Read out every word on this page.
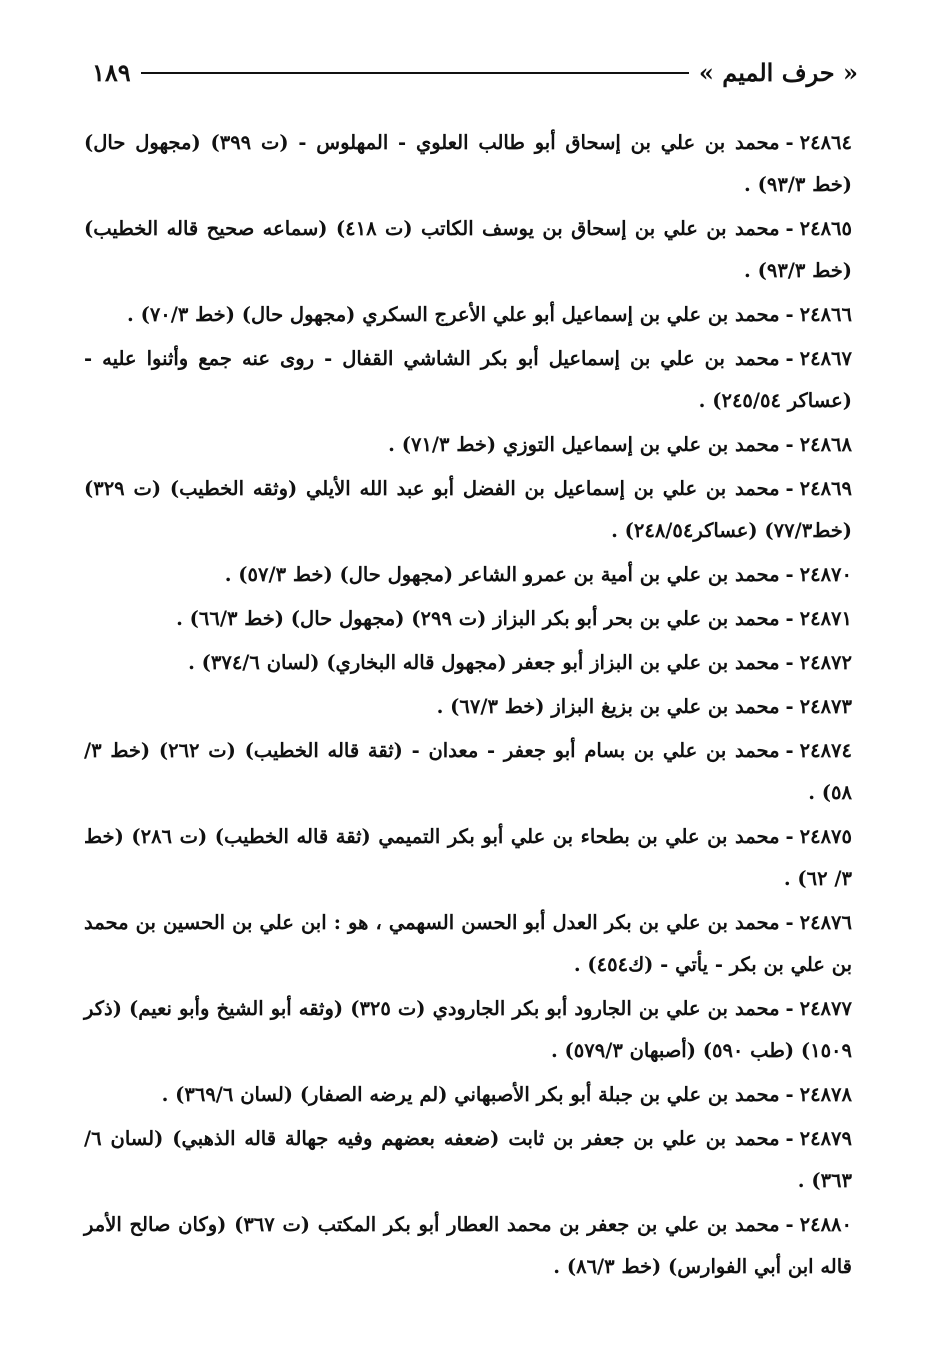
« حرف الميم »
١٨٩

٢٤٨٦٤-محمد بن علي بن إسحاق أبو طالب العلوي - المهلوس - (ت ٣٩٩) (مجهول حال) (خط ٩٣/٣) .

٢٤٨٦٥-محمد بن علي بن إسحاق بن يوسف الكاتب (ت ٤١٨) (سماعه صحيح قاله الخطيب) (خط ٩٣/٣) .

٢٤٨٦٦-محمد بن علي بن إسماعيل أبو علي الأعرج السكري (مجهول حال) (خط ٧٠/٣) .

٢٤٨٦٧-محمد بن علي بن إسماعيل أبو بكر الشاشي القفال - روى عنه جمع وأثنوا عليه - (عساكر ٢٤٥/٥٤) .

٢٤٨٦٨-محمد بن علي بن إسماعيل التوزي (خط ٧١/٣) .

٢٤٨٦٩-محمد بن علي بن إسماعيل بن الفضل أبو عبد الله الأيلي (وثقه الخطيب) (ت ٣٢٩) (خط٧٧/٣) (عساكر٢٤٨/٥٤) .

٢٤٨٧٠-محمد بن علي بن أمية بن عمرو الشاعر (مجهول حال) (خط ٥٧/٣) .

٢٤٨٧١-محمد بن علي بن بحر أبو بكر البزاز (ت ٢٩٩) (مجهول حال) (خط ٦٦/٣) .

٢٤٨٧٢-محمد بن علي بن البزاز أبو جعفر (مجهول قاله البخاري) (لسان ٣٧٤/٦) .

٢٤٨٧٣-محمد بن علي بن بزيغ البزاز (خط ٦٧/٣) .

٢٤٨٧٤-محمد بن علي بن بسام أبو جعفر - معدان - (ثقة قاله الخطيب) (ت ٢٦٢) (خط ٣/ ٥٨) .

٢٤٨٧٥-محمد بن علي بن بطحاء بن علي أبو بكر التميمي (ثقة قاله الخطيب) (ت ٢٨٦) (خط ٣/ ٦٢) .

٢٤٨٧٦-محمد بن علي بن بكر العدل أبو الحسن السهمي ، هو : ابن علي بن الحسين بن محمد بن علي بن بكر - يأتي - (ك٤٥٤) .

٢٤٨٧٧-محمد بن علي بن الجارود أبو بكر الجارودي (ت ٣٢٥) (وثقه أبو الشيخ وأبو نعيم) (ذكر ١٥٠٩) (طب ٥٩٠) (أصبهان ٥٧٩/٣) .

٢٤٨٧٨-محمد بن علي بن جبلة أبو بكر الأصبهاني (لم يرضه الصفار) (لسان ٣٦٩/٦) .

٢٤٨٧٩-محمد بن علي بن جعفر بن ثابت (ضعفه بعضهم وفيه جهالة قاله الذهبي) (لسان ٦/ ٣٦٣) .

٢٤٨٨٠-محمد بن علي بن جعفر بن محمد العطار أبو بكر المكتب (ت ٣٦٧) (وكان صالح الأمر قاله ابن أبي الفوارس) (خط ٨٦/٣) .
